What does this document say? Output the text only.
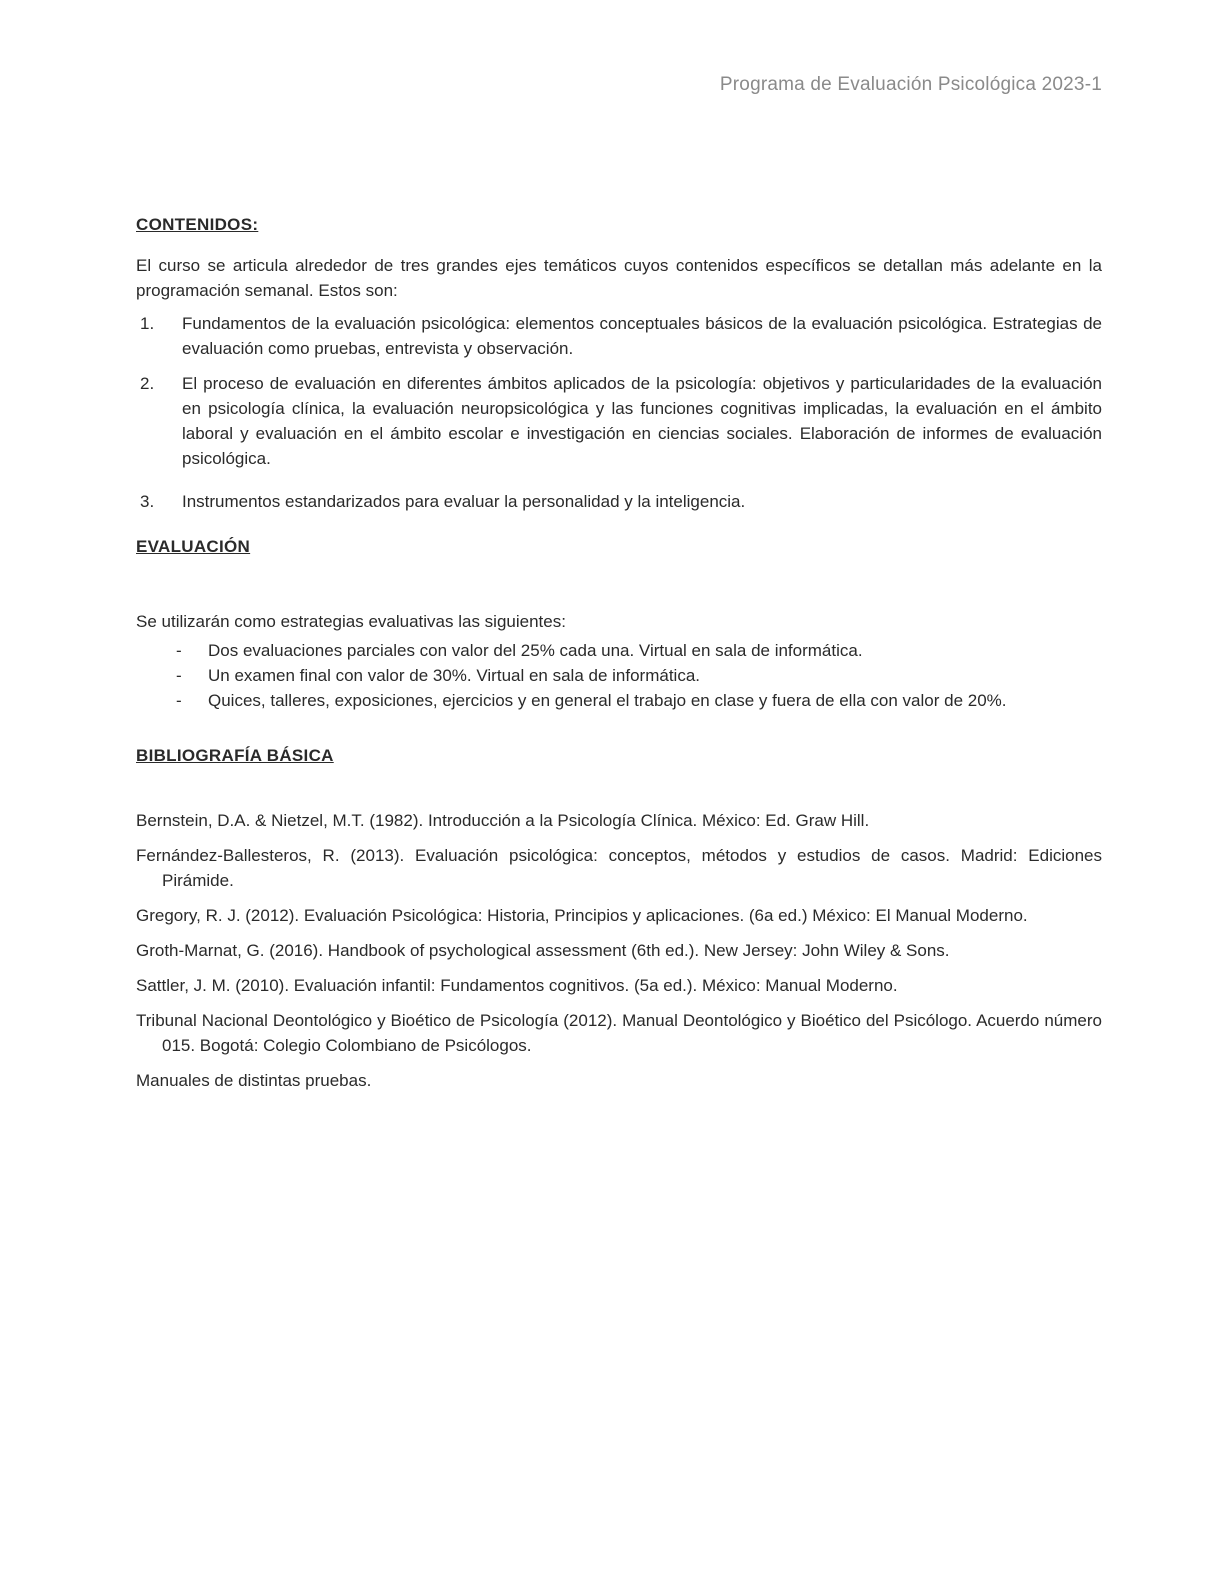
Programa de Evaluación Psicológica 2023-1
CONTENIDOS:

El curso se articula alrededor de tres grandes ejes temáticos cuyos contenidos específicos se detallan más adelante en la programación semanal. Estos son:

1. Fundamentos de la evaluación psicológica: elementos conceptuales básicos de la evaluación psicológica. Estrategias de evaluación como pruebas, entrevista y observación.
2. El proceso de evaluación en diferentes ámbitos aplicados de la psicología: objetivos y particularidades de la evaluación en psicología clínica, la evaluación neuropsicológica y las funciones cognitivas implicadas, la evaluación en el ámbito laboral y evaluación en el ámbito escolar e investigación en ciencias sociales. Elaboración de informes de evaluación psicológica.
3. Instrumentos estandarizados para evaluar la personalidad y la inteligencia.
EVALUACIÓN

Se utilizarán como estrategias evaluativas las siguientes:

- Dos evaluaciones parciales con valor del 25% cada una. Virtual en sala de informática.
- Un examen final con valor de 30%. Virtual en sala de informática.
- Quices, talleres, exposiciones, ejercicios y en general el trabajo en clase y fuera de ella con valor de 20%.
BIBLIOGRAFÍA BÁSICA

Bernstein, D.A. & Nietzel, M.T. (1982). Introducción a la Psicología Clínica. México: Ed. Graw Hill.

Fernández-Ballesteros, R. (2013). Evaluación psicológica: conceptos, métodos y estudios de casos. Madrid: Ediciones Pirámide.

Gregory, R. J. (2012). Evaluación Psicológica: Historia, Principios y aplicaciones. (6a ed.) México: El Manual Moderno.

Groth-Marnat, G. (2016). Handbook of psychological assessment (6th ed.). New Jersey: John Wiley & Sons.

Sattler, J. M. (2010). Evaluación infantil: Fundamentos cognitivos. (5a ed.). México: Manual Moderno.

Tribunal Nacional Deontológico y Bioético de Psicología (2012). Manual Deontológico y Bioético del Psicólogo. Acuerdo número 015. Bogotá: Colegio Colombiano de Psicólogos.

Manuales de distintas pruebas.
